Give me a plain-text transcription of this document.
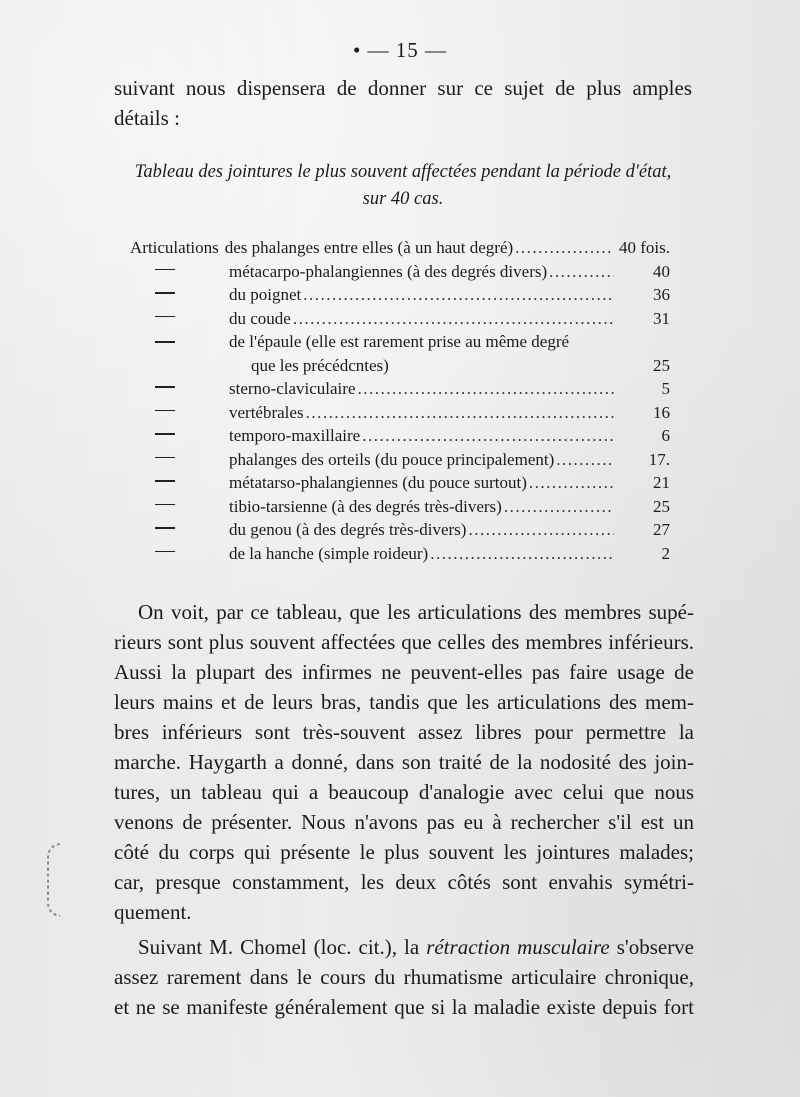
• — 15 —
suivant nous dispensera de donner sur ce sujet de plus amples
détails :
Tableau des jointures le plus souvent affectées pendant la période d'état,
sur 40 cas.
Articulations des phalanges entre elles (à un haut degré) .....	40 fois.
métacarpo-phalangiennes (à des degrés divers) .....	40
du poignet .....	36
du coude .....	31
de l'épaule (elle est rarement prise au même degré
que les précédcntes)	25
sterno-claviculaire .....	5
vertébrales .....	16
temporo-maxillaire .....	6
phalanges des orteils (du pouce principalement) .....	17.
métatarso-phalangiennes (du pouce surtout) .....	21
tibio-tarsienne (à des degrés très-divers) .....	25
du genou (à des degrés très-divers) .....	27
de la hanche (simple roideur) .....	2
On voit, par ce tableau, que les articulations des membres supé-
rieurs sont plus souvent affectées que celles des membres inférieurs.
Aussi la plupart des infirmes ne peuvent-elles pas faire usage de
leurs mains et de leurs bras, tandis que les articulations des mem-
bres inférieurs sont très-souvent assez libres pour permettre la
marche. Haygarth a donné, dans son traité de la nodosité des join-
tures, un tableau qui a beaucoup d'analogie avec celui que nous
venons de présenter. Nous n'avons pas eu à rechercher s'il est un
côté du corps qui présente le plus souvent les jointures malades;
car, presque constamment, les deux côtés sont envahis symétri-
quement.
Suivant M. Chomel (loc. cit.), la rétraction musculaire s'observe
assez rarement dans le cours du rhumatisme articulaire chronique,
et ne se manifeste généralement que si la maladie existe depuis fort
